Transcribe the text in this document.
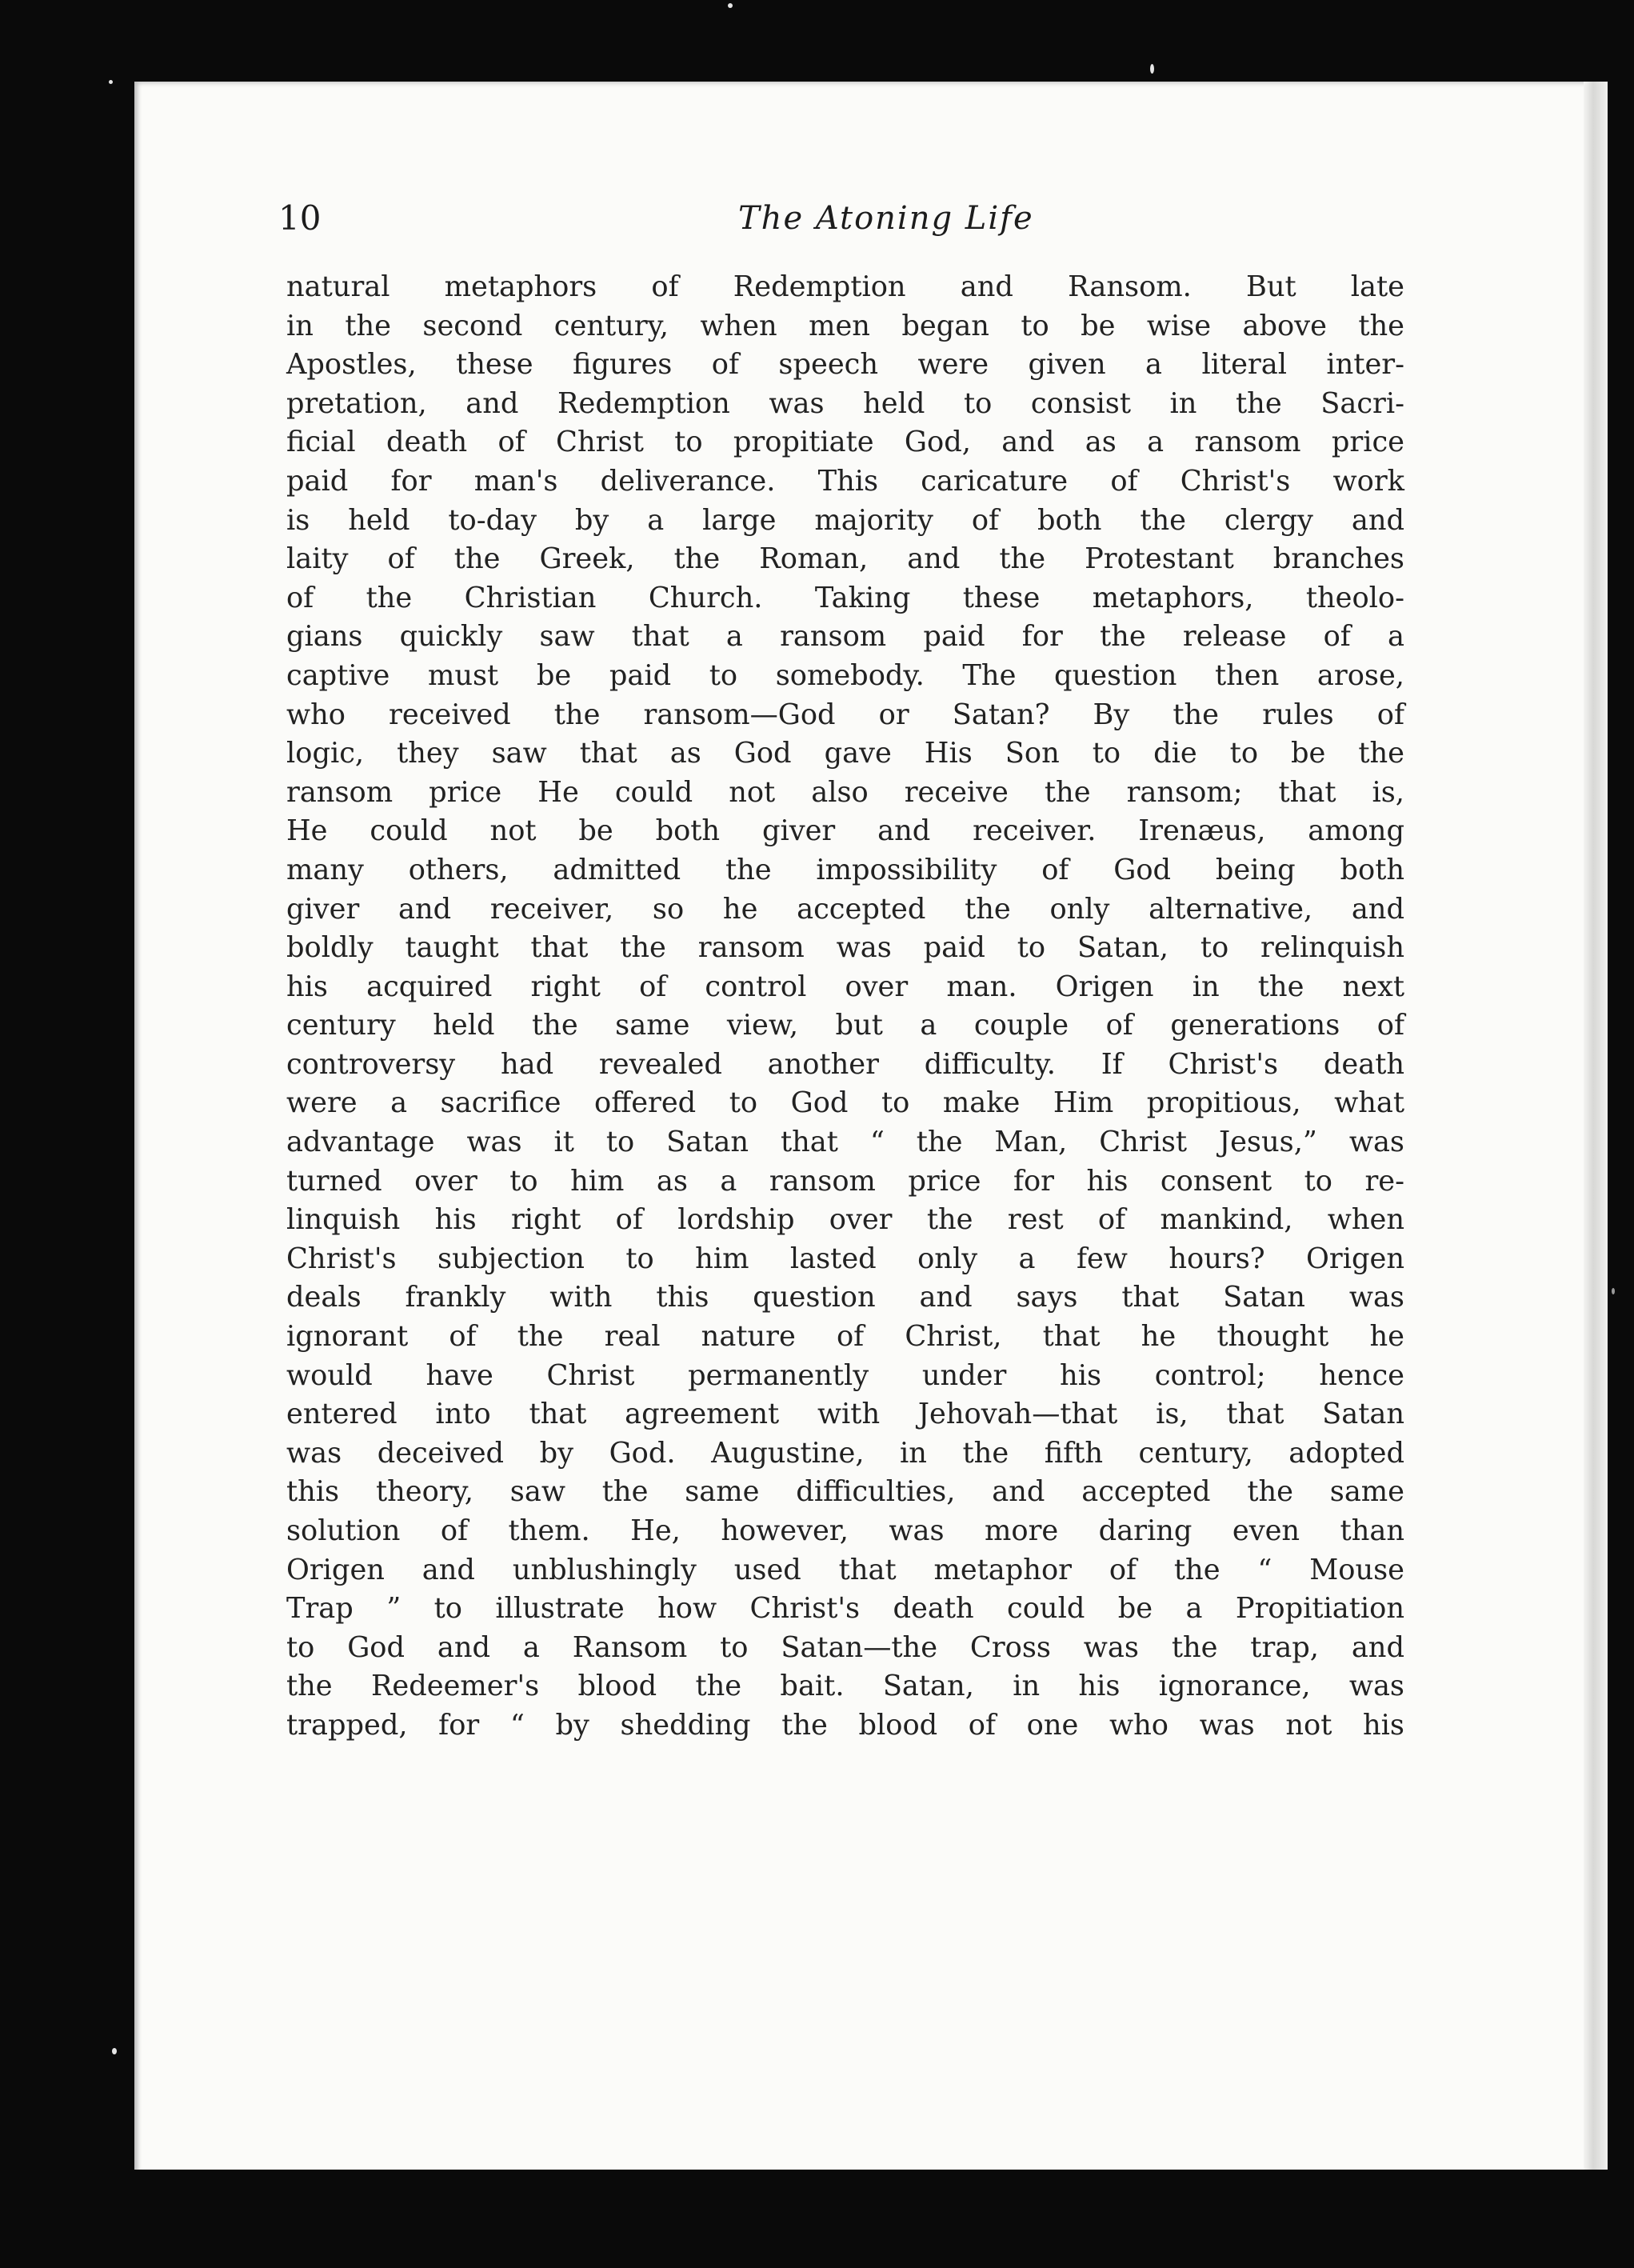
10	The Atoning Life
natural metaphors of Redemption and Ransom. But late
in the second century, when men began to be wise above the
Apostles, these figures of speech were given a literal inter-
pretation, and Redemption was held to consist in the Sacri-
ficial death of Christ to propitiate God, and as a ransom price
paid for man's deliverance. This caricature of Christ's work
is held to-day by a large majority of both the clergy and
laity of the Greek, the Roman, and the Protestant branches
of the Christian Church. Taking these metaphors, theolo-
gians quickly saw that a ransom paid for the release of a
captive must be paid to somebody. The question then arose,
who received the ransom—God or Satan? By the rules of
logic, they saw that as God gave His Son to die to be the
ransom price He could not also receive the ransom; that is,
He could not be both giver and receiver. Irenæus, among
many others, admitted the impossibility of God being both
giver and receiver, so he accepted the only alternative, and
boldly taught that the ransom was paid to Satan, to relinquish
his acquired right of control over man. Origen in the next
century held the same view, but a couple of generations of
controversy had revealed another difficulty. If Christ's death
were a sacrifice offered to God to make Him propitious, what
advantage was it to Satan that “ the Man, Christ Jesus,” was
turned over to him as a ransom price for his consent to re-
linquish his right of lordship over the rest of mankind, when
Christ's subjection to him lasted only a few hours? Origen
deals frankly with this question and says that Satan was
ignorant of the real nature of Christ, that he thought he
would have Christ permanently under his control; hence
entered into that agreement with Jehovah—that is, that Satan
was deceived by God. Augustine, in the fifth century, adopted
this theory, saw the same difficulties, and accepted the same
solution of them. He, however, was more daring even than
Origen and unblushingly used that metaphor of the “ Mouse
Trap ” to illustrate how Christ's death could be a Propitiation
to God and a Ransom to Satan—the Cross was the trap, and
the Redeemer's blood the bait. Satan, in his ignorance, was
trapped, for “ by shedding the blood of one who was not his
